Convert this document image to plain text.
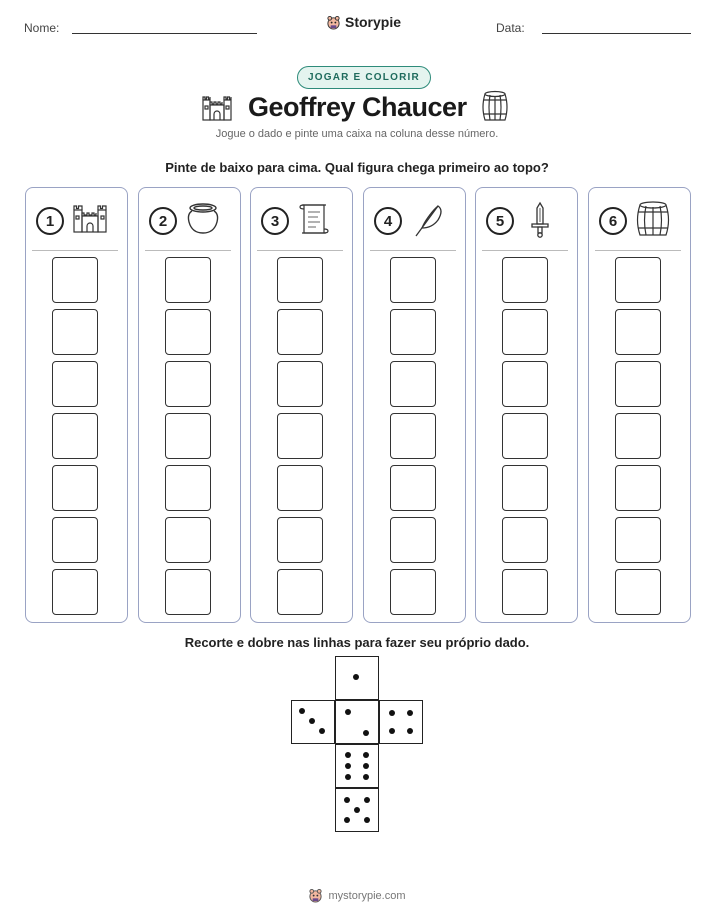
Nome:	Storypie	Data:
JOGAR E COLORIR
Geoffrey Chaucer
Jogue o dado e pinte uma caixa na coluna desse número.
Pinte de baixo para cima. Qual figura chega primeiro ao topo?
1	2	3	4	5	6
Recorte e dobre nas linhas para fazer seu próprio dado.
mystorypie.com
